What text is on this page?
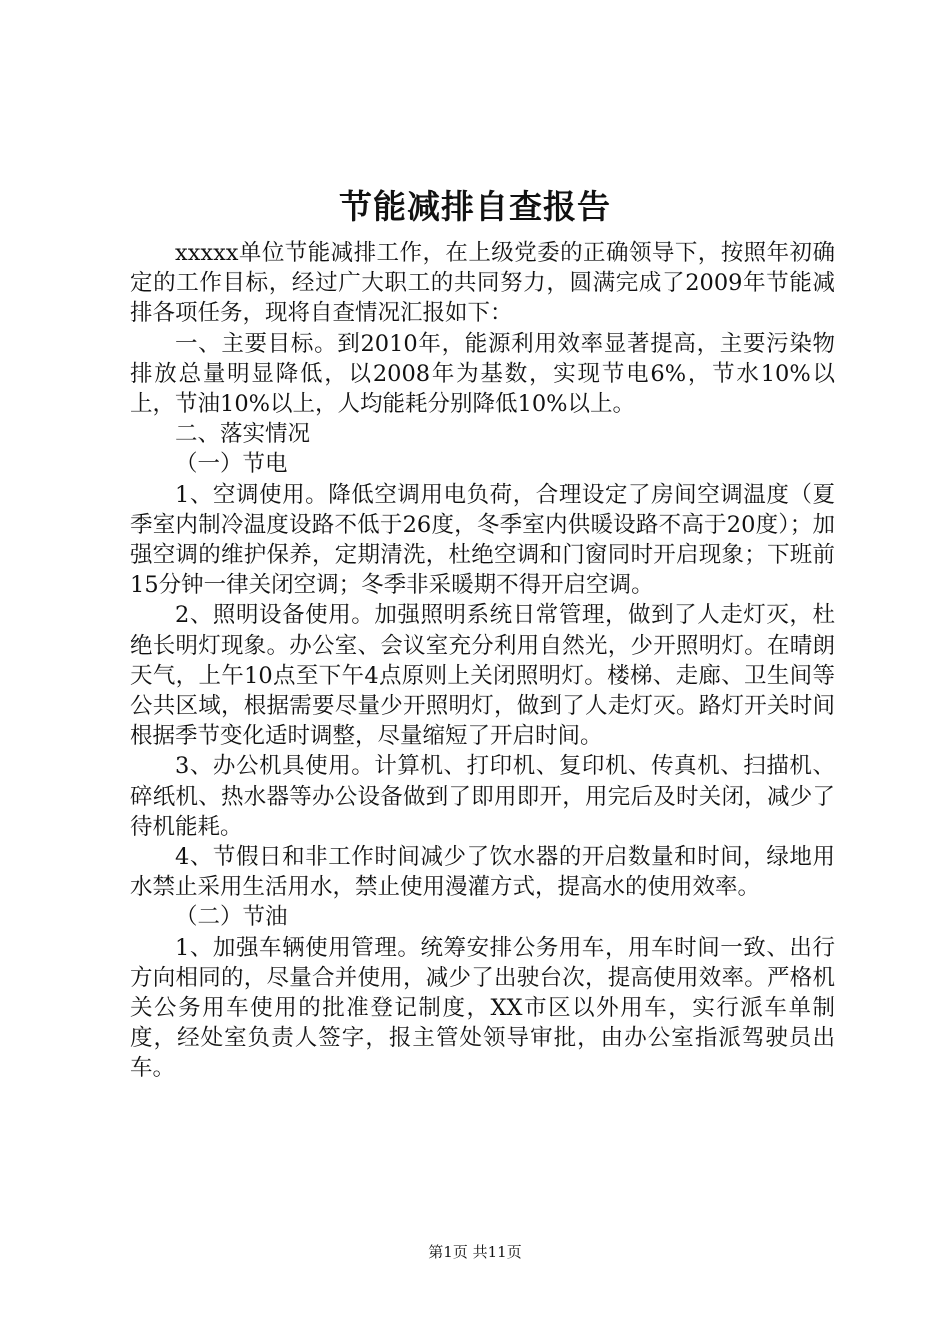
节能减排自查报告

xxxxx单位节能减排工作，在上级党委的正确领导下，按照年初确定的工作目标，经过广大职工的共同努力，圆满完成了2009年节能减排各项任务，现将自查情况汇报如下：

一、主要目标。到2010年，能源利用效率显著提高，主要污染物排放总量明显降低，以2008年为基数，实现节电6%，节水10%以上，节油10%以上，人均能耗分别降低10%以上。

二、落实情况

（一）节电

1、空调使用。降低空调用电负荷，合理设定了房间空调温度（夏季室内制冷温度设路不低于26度，冬季室内供暖设路不高于20度）；加强空调的维护保养，定期清洗，杜绝空调和门窗同时开启现象；下班前15分钟一律关闭空调；冬季非采暖期不得开启空调。

2、照明设备使用。加强照明系统日常管理，做到了人走灯灭，杜绝长明灯现象。办公室、会议室充分利用自然光，少开照明灯。在晴朗天气，上午10点至下午4点原则上关闭照明灯。楼梯、走廊、卫生间等公共区域，根据需要尽量少开照明灯，做到了人走灯灭。路灯开关时间根据季节变化适时调整，尽量缩短了开启时间。

3、办公机具使用。计算机、打印机、复印机、传真机、扫描机、碎纸机、热水器等办公设备做到了即用即开，用完后及时关闭，减少了待机能耗。

4、节假日和非工作时间减少了饮水器的开启数量和时间，绿地用水禁止采用生活用水，禁止使用漫灌方式，提高水的使用效率。

（二）节油

1、加强车辆使用管理。统筹安排公务用车，用车时间一致、出行方向相同的，尽量合并使用，减少了出驶台次，提高使用效率。严格机关公务用车使用的批准登记制度，XX市区以外用车，实行派车单制度，经处室负责人签字，报主管处领导审批，由办公室指派驾驶员出车。

第1页 共11页
